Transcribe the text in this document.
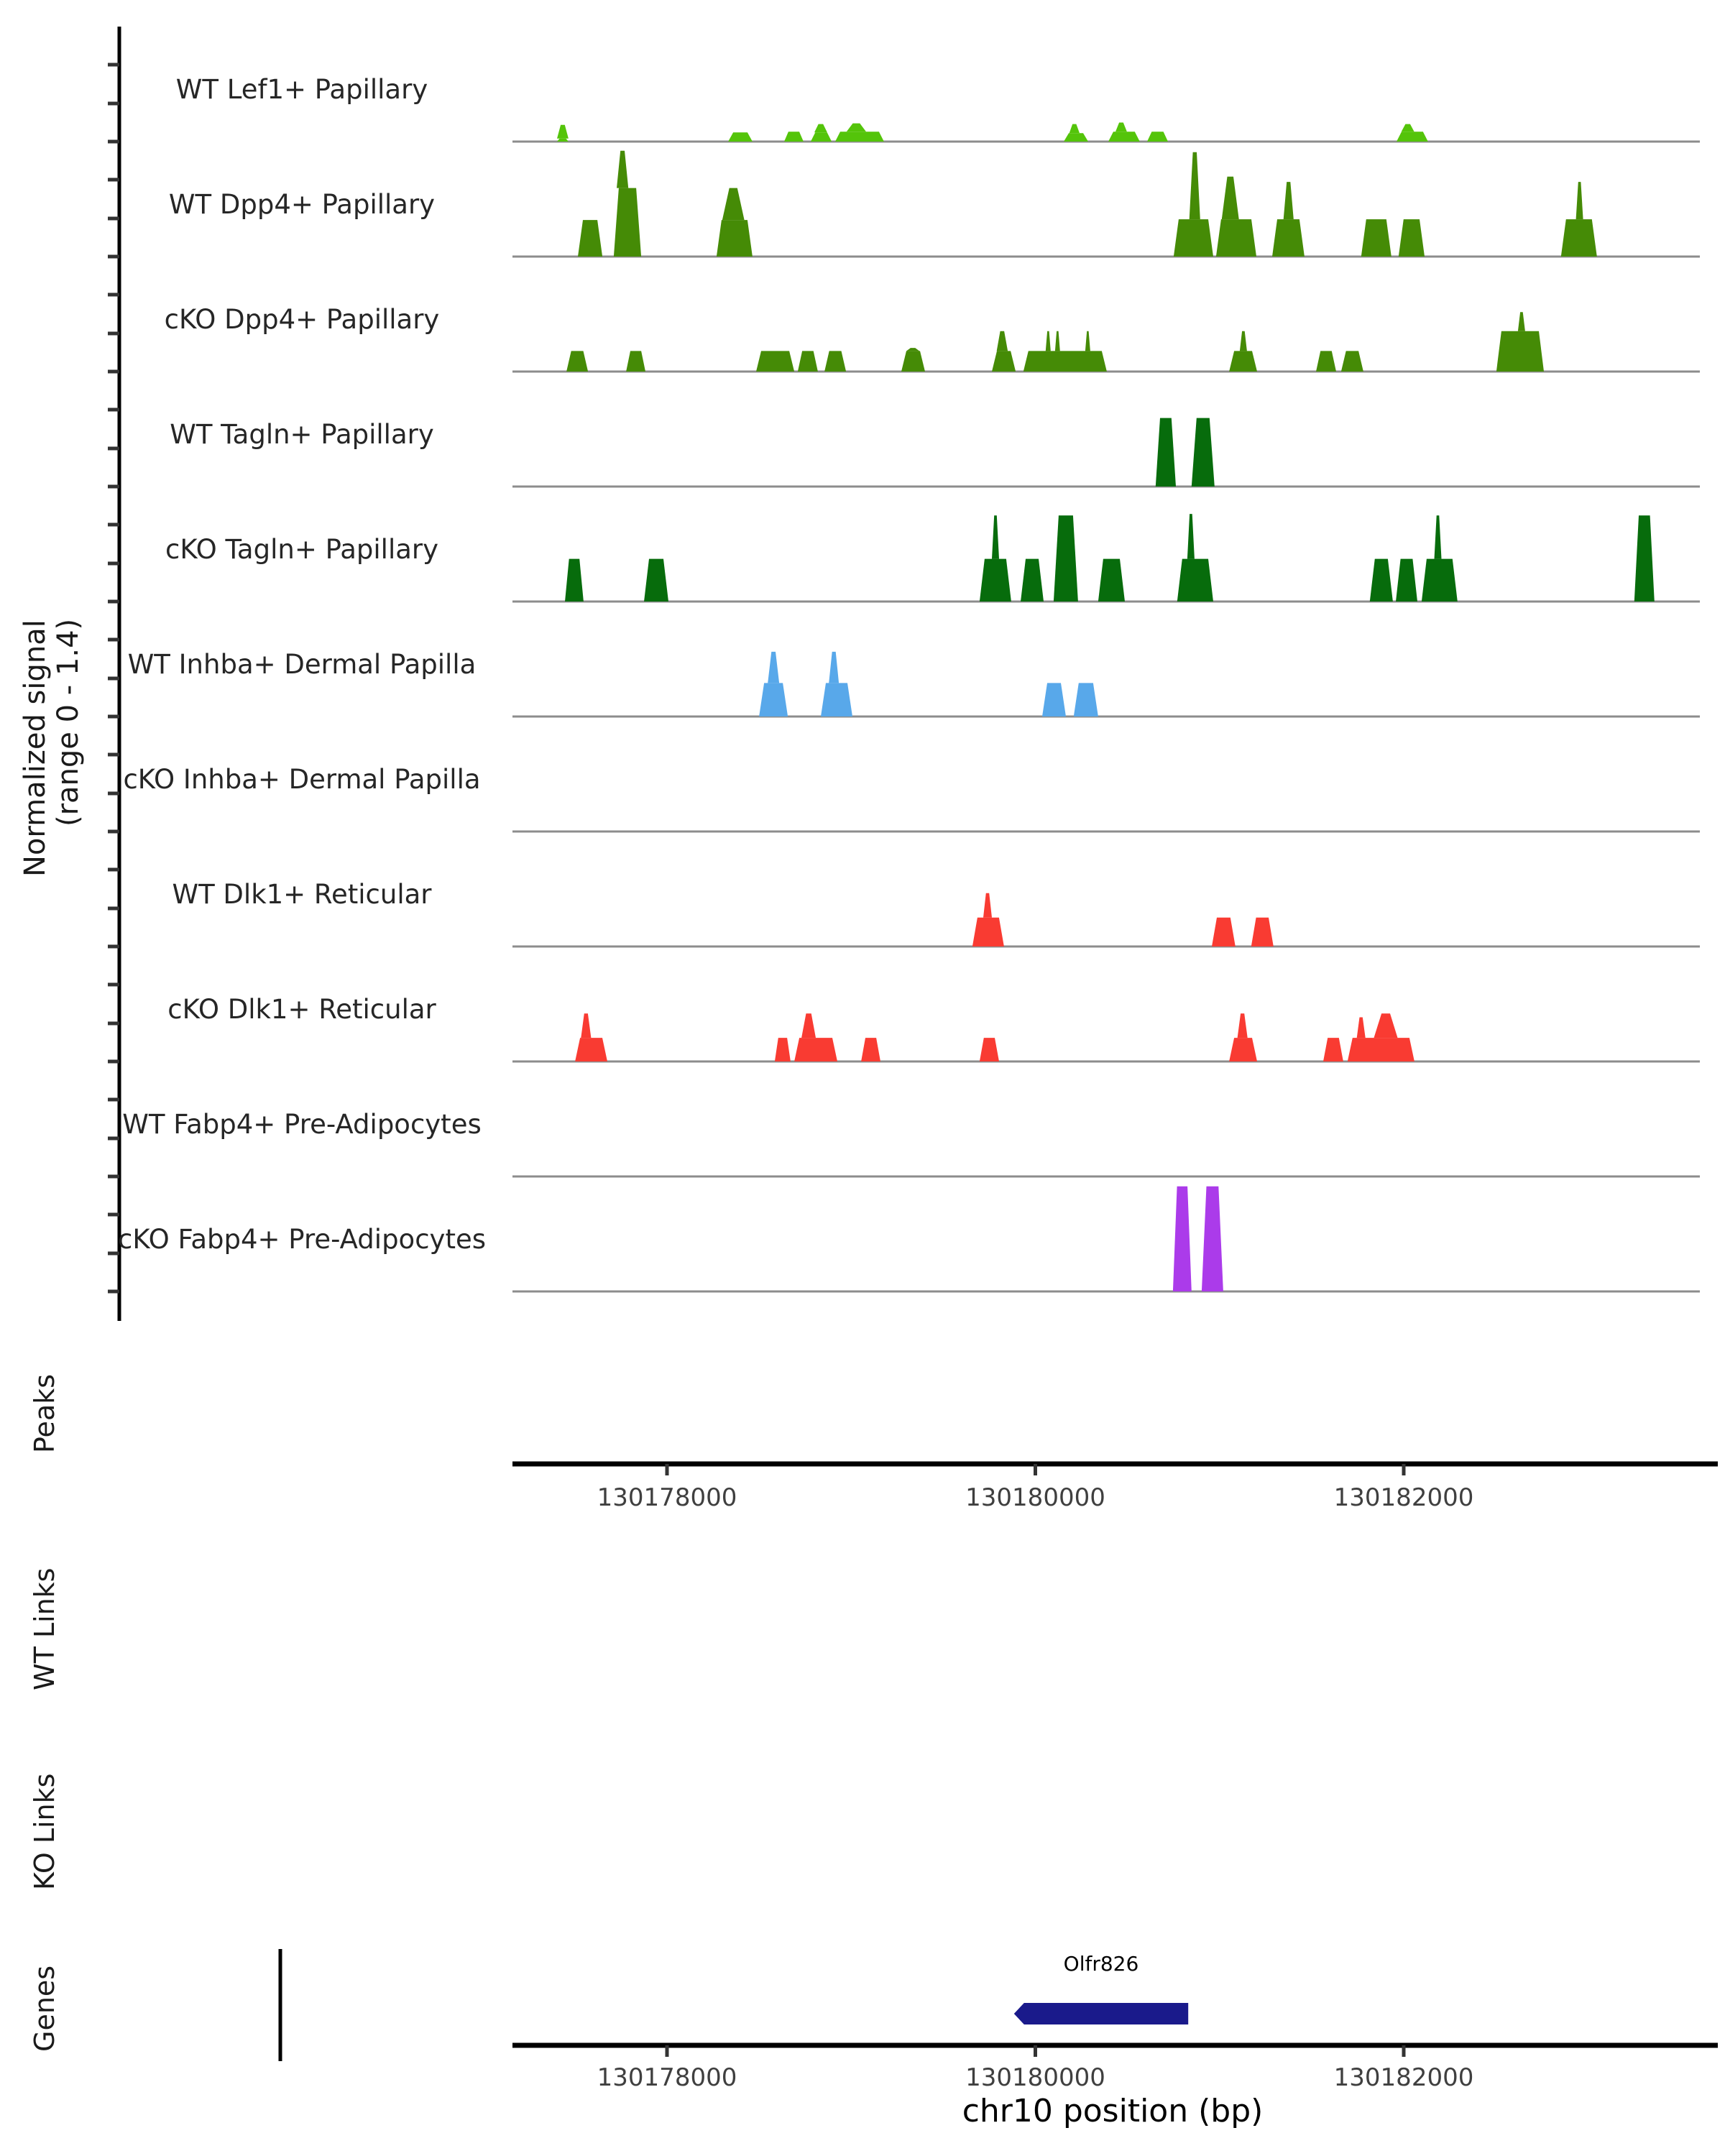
Normalized signal (range 0 - 1.4)
Peaks
WT Links
KO Links
Genes
130178000	130180000	130182000
130178000	130180000	130182000
WT Lef1+ Papillary
WT Dpp4+ Papillary
cKO Dpp4+ Papillary
WT Tagln+ Papillary
cKO Tagln+ Papillary
WT Inhba+ Dermal Papilla
cKO Inhba+ Dermal Papilla
WT Dlk1+ Reticular
cKO Dlk1+ Reticular
WT Fabp4+ Pre-Adipocytes
cKO Fabp4+ Pre-Adipocytes
Olfr826
chr10 position (bp)
